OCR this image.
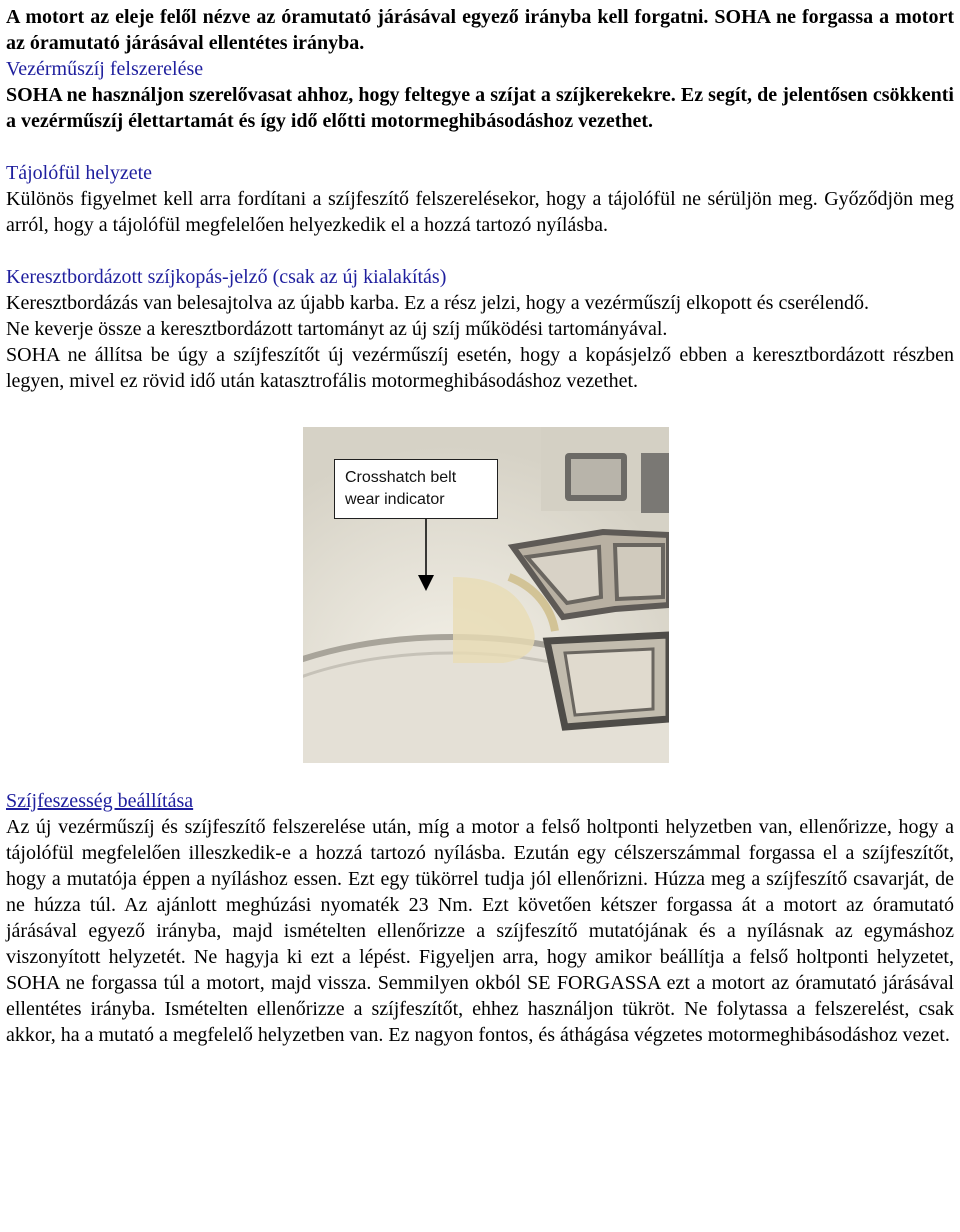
A motort az eleje felől nézve az óramutató járásával egyező irányba kell forgatni. SOHA ne forgassa a motort az óramutató járásával ellentétes irányba.

Vezérműszíj felszerelése

SOHA ne használjon szerelővasat ahhoz, hogy feltegye a szíjat a szíjkerekekre. Ez segít, de jelentősen csökkenti a vezérműszíj élettartamát és így idő előtti motormeghibásodáshoz vezethet.

Tájolófül helyzete

Különös figyelmet kell arra fordítani a szíjfeszítő felszerelésekor, hogy a tájolófül ne sérüljön meg. Győződjön meg arról, hogy a tájolófül megfelelően helyezkedik el a hozzá tartozó nyílásba.

Keresztbordázott szíjkopás-jelző (csak az új kialakítás)

Keresztbordázás van belesajtolva az újabb karba. Ez a rész jelzi, hogy a vezérműszíj elkopott és cserélendő.

Ne keverje össze a keresztbordázott tartományt az új szíj működési tartományával.

SOHA ne állítsa be úgy a szíjfeszítőt új vezérműszíj esetén, hogy a kopásjelző ebben a keresztbordázott részben legyen, mivel ez rövid idő után katasztrofális motormeghibásodáshoz vezethet.

Crosshatch belt
wear indicator

Szíjfeszesség beállítása

Az új vezérműszíj és szíjfeszítő felszerelése után, míg a motor a felső holtponti helyzetben van, ellenőrizze, hogy a tájolófül megfelelően illeszkedik-e a hozzá tartozó nyílásba. Ezután egy célszerszámmal forgassa el a szíjfeszítőt, hogy a mutatója éppen a nyíláshoz essen. Ezt egy tükörrel tudja jól ellenőrizni. Húzza meg a szíjfeszítő csavarját, de ne húzza túl. Az ajánlott meghúzási nyomaték 23 Nm. Ezt követően kétszer forgassa át a motort az óramutató járásával egyező irányba, majd ismételten ellenőrizze a szíjfeszítő mutatójának és a nyílásnak az egymáshoz viszonyított helyzetét. Ne hagyja ki ezt a lépést. Figyeljen arra, hogy amikor beállítja a felső holtponti helyzetet, SOHA ne forgassa túl a motort, majd vissza. Semmilyen okból SE FORGASSA ezt a motort az óramutató járásával ellentétes irányba. Ismételten ellenőrizze a szíjfeszítőt, ehhez használjon tükröt. Ne folytassa a felszerelést, csak akkor, ha a mutató a megfelelő helyzetben van. Ez nagyon fontos, és áthágása végzetes motormeghibásodáshoz vezet.
